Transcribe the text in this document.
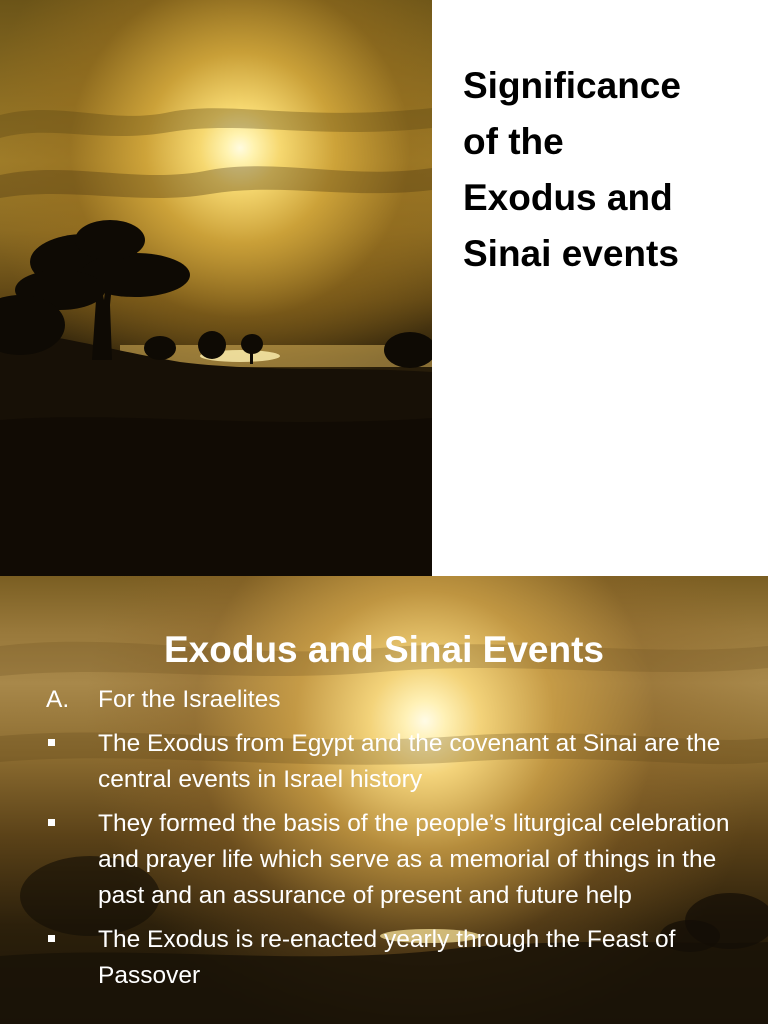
Significance
of the
Exodus and
Sinai events
Exodus and Sinai Events
A.	For the Israelites
The Exodus from Egypt and the covenant at Sinai are the central events in Israel history
They formed the basis of the people’s liturgical celebration and prayer life which serve as a memorial of things in the past and an assurance of present and future help
The Exodus is re-enacted yearly through the Feast of Passover
